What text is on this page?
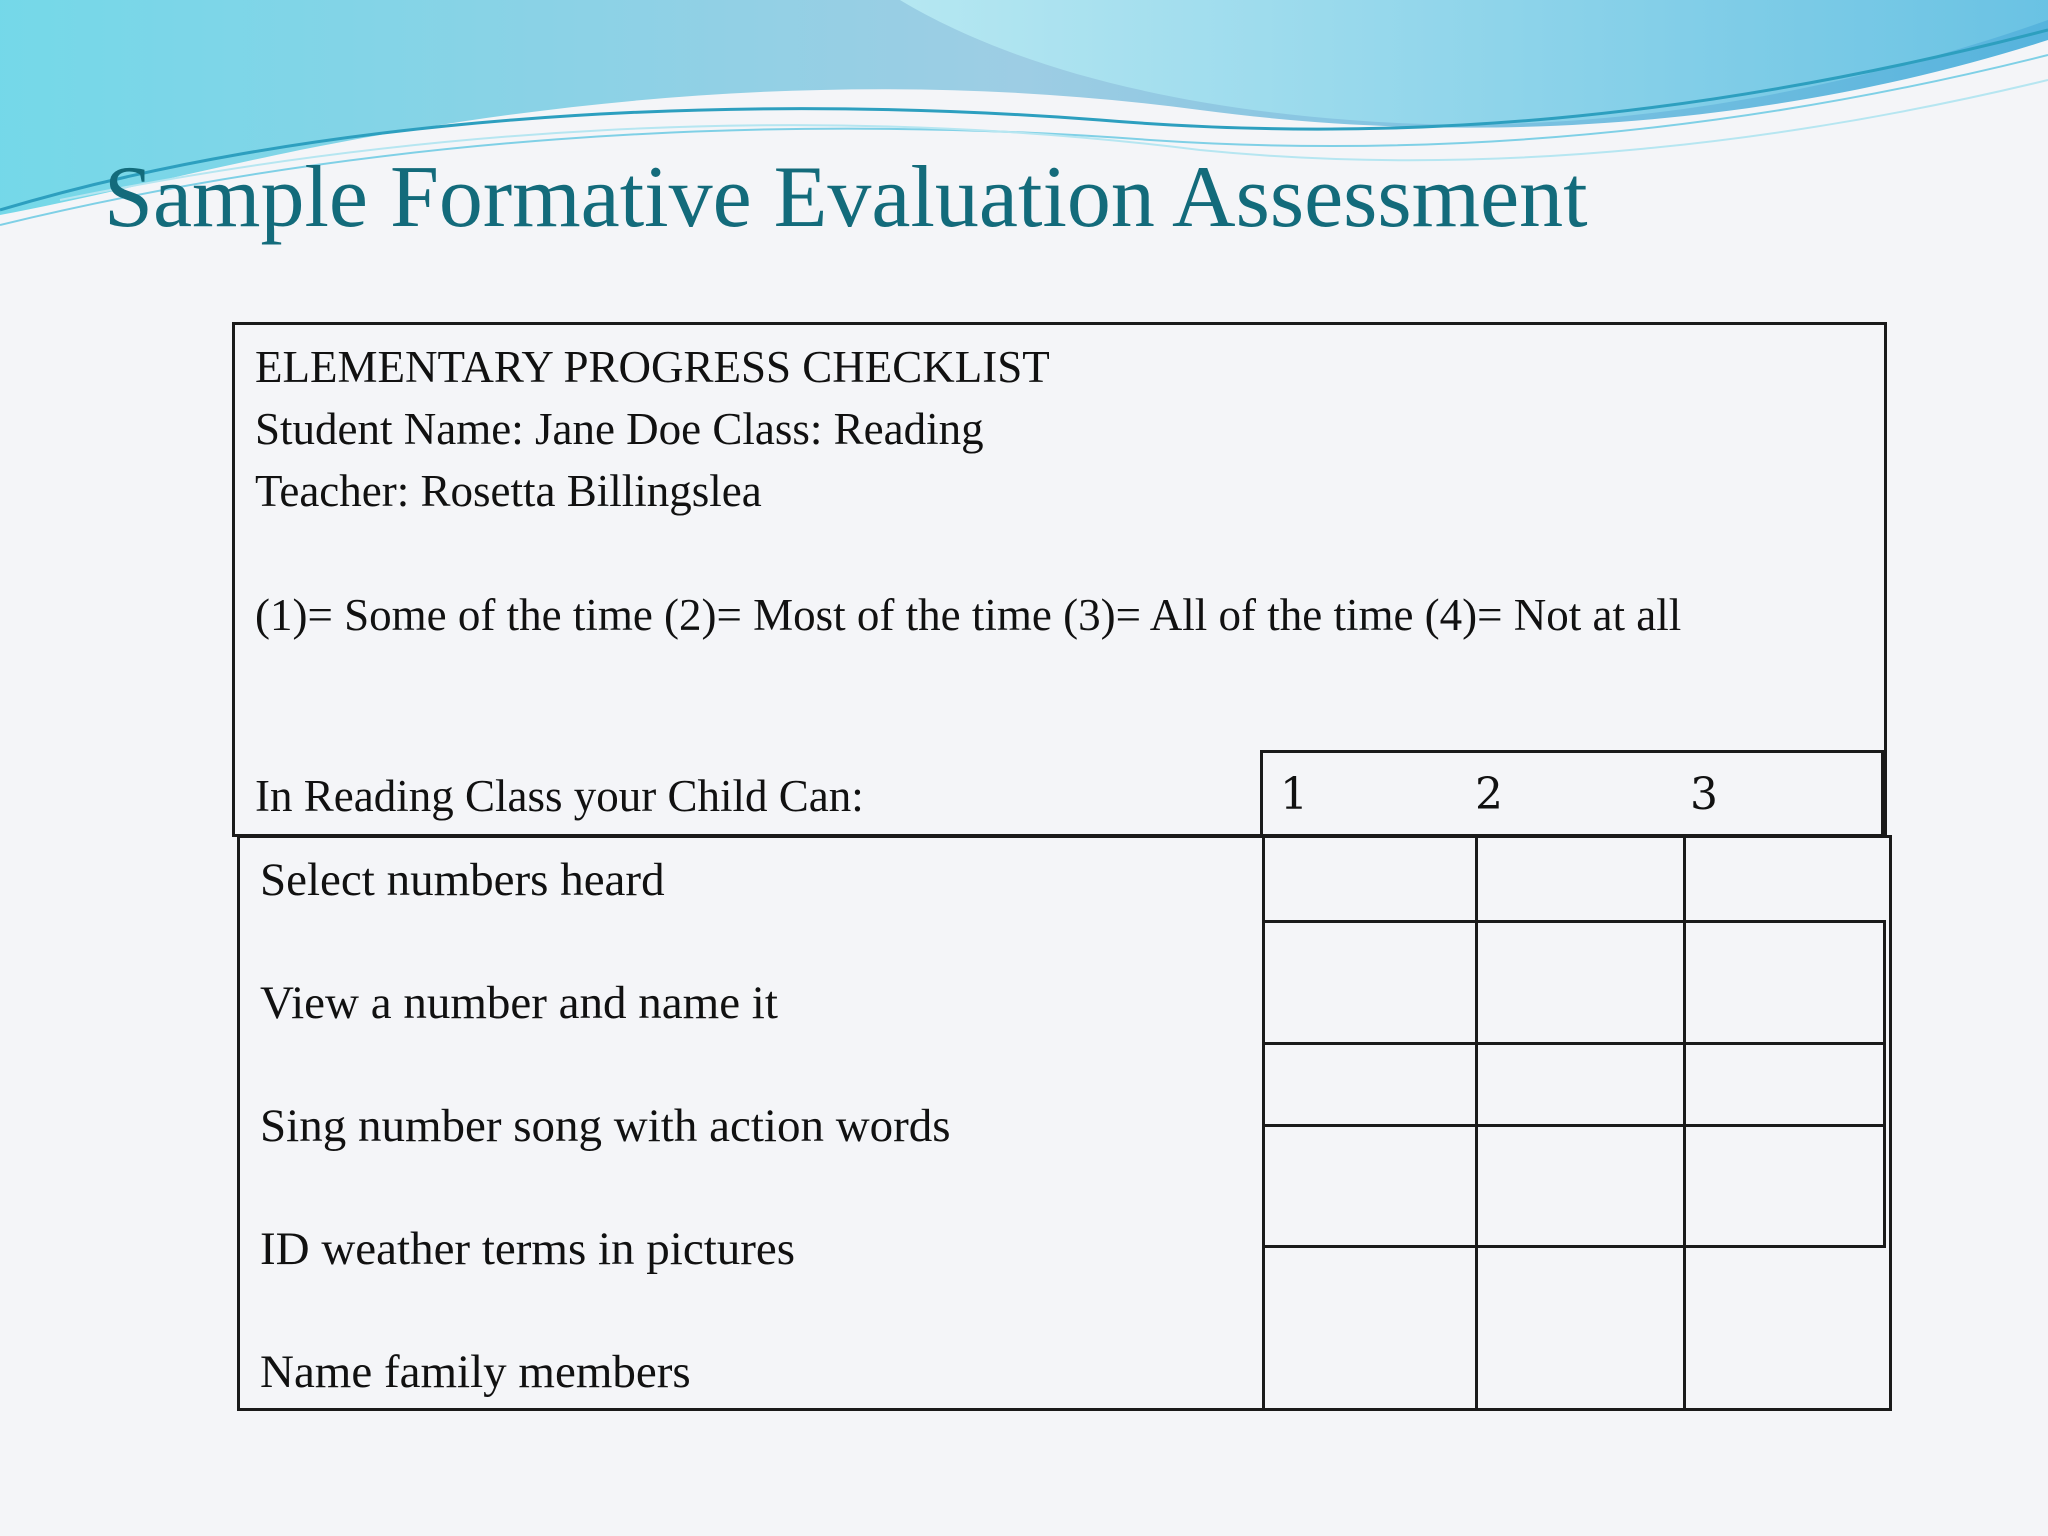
Sample Formative Evaluation Assessment
ELEMENTARY PROGRESS CHECKLIST
Student Name: Jane Doe Class: Reading
Teacher: Rosetta Billingslea
(1)= Some of the time (2)= Most of the time (3)= All of the time (4)= Not at all
In Reading Class your Child Can:	1	2	3
Select numbers heard
View a number and name it
Sing number song with action words
ID weather terms in pictures
Name family members
